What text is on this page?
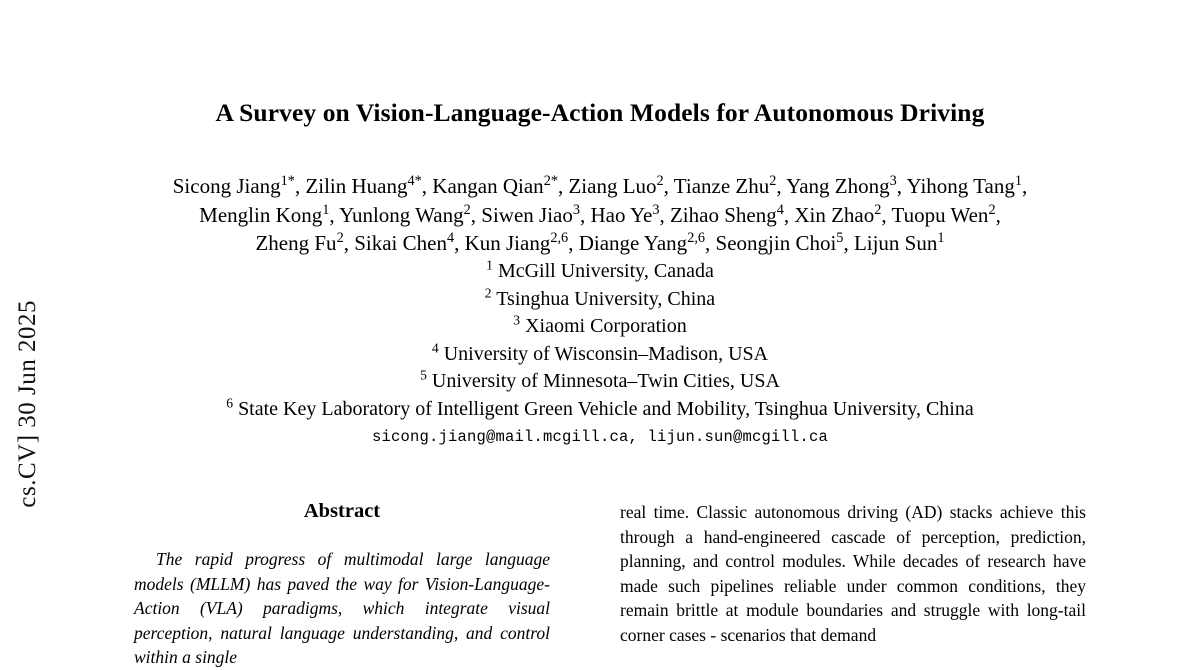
cs.CV] 30 Jun 2025
A Survey on Vision-Language-Action Models for Autonomous Driving
Sicong Jiang$^{1*}$, Zilin Huang$^{4*}$, Kangan Qian$^{2*}$, Ziang Luo$^2$, Tianze Zhu$^2$, Yang Zhong$^3$, Yihong Tang$^1$,
Menglin Kong$^1$, Yunlong Wang$^2$, Siwen Jiao$^3$, Hao Ye$^3$, Zihao Sheng$^4$, Xin Zhao$^2$, Tuopu Wen$^2$,
Zheng Fu$^2$, Sikai Chen$^4$, Kun Jiang$^{2,6}$, Diange Yang$^{2,6}$, Seongjin Choi$^5$, Lijun Sun$^1$
$^1$ McGill University, Canada
$^2$ Tsinghua University, China
$^3$ Xiaomi Corporation
$^4$ University of Wisconsin–Madison, USA
$^5$ University of Minnesota–Twin Cities, USA
$^6$ State Key Laboratory of Intelligent Green Vehicle and Mobility, Tsinghua University, China
sicong.jiang@mail.mcgill.ca, lijun.sun@mcgill.ca
Abstract
The rapid progress of multimodal large language models (MLLM) has paved the way for Vision-Language-Action (VLA) paradigms, which integrate visual perception, natural language understanding, and control within a single
real time. Classic autonomous driving (AD) stacks achieve this through a hand-engineered cascade of perception, prediction, planning, and control modules. While decades of research have made such pipelines reliable under common conditions, they remain brittle at module boundaries and struggle with long-tail corner cases - scenarios that demand
